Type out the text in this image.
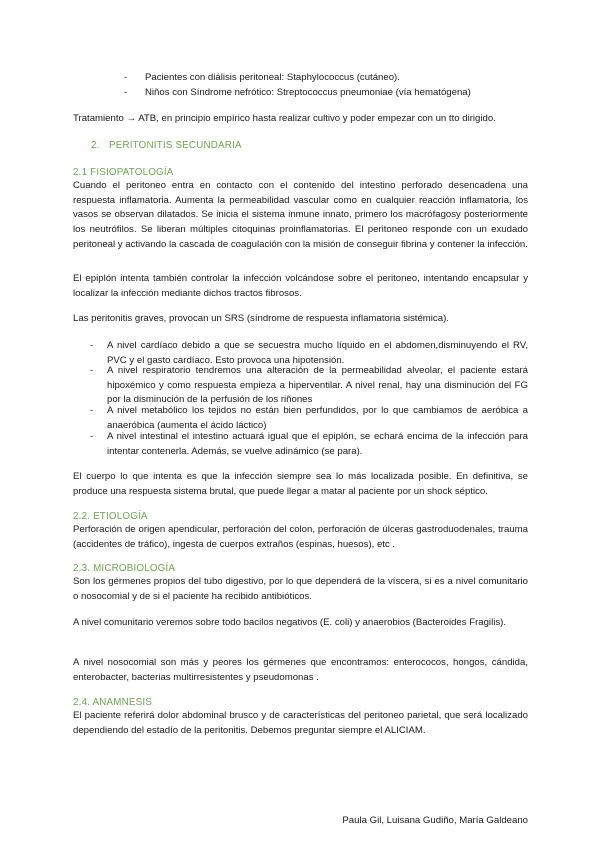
- Pacientes con diálisis peritoneal: Staphylococcus (cutáneo).

- Niños con Síndrome nefrótico: Streptococcus pneumoniae (vía hematógena)

Tratamiento → ATB, en principio empírico hasta realizar cultivo y poder empezar con un tto dirigido.

2. PERITONITIS SECUNDARIA
2.1 FISIOPATOLOGÍA

Cuando el peritoneo entra en contacto con el contenido del intestino perforado desencadena una respuesta inflamatoria. Aumenta la permeabilidad vascular como en cualquier reacción inflamatoria, los vasos se observan dilatados. Se inicia el sistema inmune innato, primero los macrófagosy posteriormente los neutrófilos. Se liberan múltiples citoquinas proinflamatorias. El peritoneo responde con un exudado peritoneal y activando la cascada de coagulación con la misión de conseguir fibrina y contener la infección.

El epiplón intenta también controlar la infección volcándose sobre el peritoneo, intentando encapsular y localizar la infección mediante dichos tractos fibrosos.

Las peritonitis graves, provocan un SRS (síndrome de respuesta inflamatoria sistémica).

- A nivel cardíaco debido a que se secuestra mucho líquido en el abdomen,disminuyendo el RV, PVC y el gasto cardíaco. Esto provoca una hipotensión.

- A nivel respiratorio tendremos una alteración de la permeabilidad alveolar, el paciente estará hipoxémico y como respuesta empieza a hiperventilar. A nivel renal, hay una disminución del FG por la disminución de la perfusión de los riñones

- A nivel metabólico los tejidos no están bien perfundidos, por lo que cambiamos de aeróbica a anaeróbica (aumenta el ácido láctico)

- A nivel intestinal el intestino actuará igual que el epiplón, se echará encima de la infección para intentar contenerla. Además, se vuelve adinámico (se para).

El cuerpo lo que intenta es que la infección siempre sea lo más localizada posible. En definitiva, se produce una respuesta sistema brutal, que puede llegar a matar al paciente por un shock séptico.

2.2. ETIOLOGÍA

Perforación de origen apendicular, perforación del colon, perforación de úlceras gastroduodenales, trauma (accidentes de tráfico), ingesta de cuerpos extraños (espinas, huesos), etc .

2.3. MICROBIOLOGÍA

Son los gérmenes propios del tubo digestivo, por lo que dependerá de la víscera, si es a nivel comunitario o nosocomial y de si el paciente ha recibido antibióticos.

A nivel comunitario veremos sobre todo bacilos negativos (E. coli) y anaerobios (Bacteroides Fragilis).

A nivel nosocomial son más y peores los gérmenes que encontramos: enterococos, hongos, cándida, enterobacter, bacterias multirresistentes y pseudomonas .

2.4. ANAMNESIS

El paciente referirá dolor abdominal brusco y de características del peritoneo parietal, que será localizado dependiendo del estadío de la peritonitis. Debemos preguntar siempre el ALICIAM.

Paula Gil, Luisana Gudiño, María Galdeano
